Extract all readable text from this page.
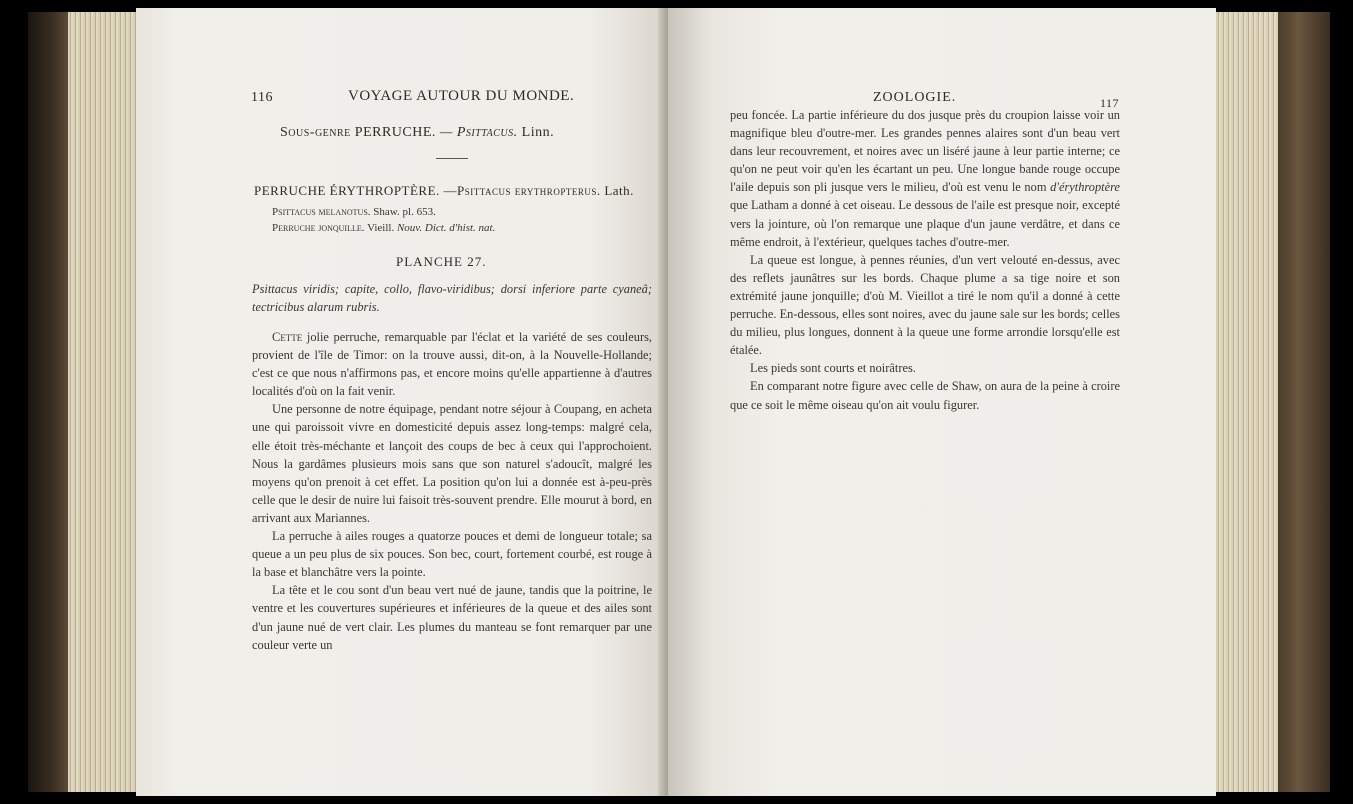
116	VOYAGE AUTOUR DU MONDE.
Sous-genre PERRUCHE. — Psittacus. Linn.
PERRUCHE ÉRYTHROPTÈRE. —Psittacus erythropterus. Lath.
Psittacus melanotus. Shaw. pl. 653.
Perruche jonquille. Vieill. Nouv. Dict. d'hist. nat.
PLANCHE 27.

Psittacus viridis; capite, collo, flavo-viridibus; dorsi inferiore parte cyaneâ; tectricibus alarum rubris.

Cette jolie perruche, remarquable par l'éclat et la variété de ses couleurs, provient de l'île de Timor: on la trouve aussi, dit-on, à la Nouvelle-Hollande; c'est ce que nous n'affirmons pas, et encore moins qu'elle appartienne à d'autres localités d'où on la fait venir.

Une personne de notre équipage, pendant notre séjour à Coupang, en acheta une qui paroissoit vivre en domesticité depuis assez long-temps: malgré cela, elle étoit très-méchante et lançoit des coups de bec à ceux qui l'approchoient. Nous la gardâmes plusieurs mois sans que son naturel s'adoucît, malgré les moyens qu'on prenoit à cet effet. La position qu'on lui a donnée est à-peu-près celle que le desir de nuire lui faisoit très-souvent prendre. Elle mourut à bord, en arrivant aux Mariannes.

La perruche à ailes rouges a quatorze pouces et demi de longueur totale; sa queue a un peu plus de six pouces. Son bec, court, fortement courbé, est rouge à la base et blanchâtre vers la pointe.

La tête et le cou sont d'un beau vert nué de jaune, tandis que la poitrine, le ventre et les couvertures supérieures et inférieures de la queue et des ailes sont d'un jaune nué de vert clair. Les plumes du manteau se font remarquer par une couleur verte un

ZOOLOGIE.	117

peu foncée. La partie inférieure du dos jusque près du croupion laisse voir un magnifique bleu d'outre-mer. Les grandes pennes alaires sont d'un beau vert dans leur recouvrement, et noires avec un liséré jaune à leur partie interne; ce qu'on ne peut voir qu'en les écartant un peu. Une longue bande rouge occupe l'aile depuis son pli jusque vers le milieu, d'où est venu le nom d'érythroptère que Latham a donné à cet oiseau. Le dessous de l'aile est presque noir, excepté vers la jointure, où l'on remarque une plaque d'un jaune verdâtre, et dans ce même endroit, à l'extérieur, quelques taches d'outre-mer.

La queue est longue, à pennes réunies, d'un vert velouté en-dessus, avec des reflets jaunâtres sur les bords. Chaque plume a sa tige noire et son extrémité jaune jonquille; d'où M. Vieillot a tiré le nom qu'il a donné à cette perruche. En-dessous, elles sont noires, avec du jaune sale sur les bords; celles du milieu, plus longues, donnent à la queue une forme arrondie lorsqu'elle est étalée.

Les pieds sont courts et noirâtres.

En comparant notre figure avec celle de Shaw, on aura de la peine à croire que ce soit le même oiseau qu'on ait voulu figurer.
